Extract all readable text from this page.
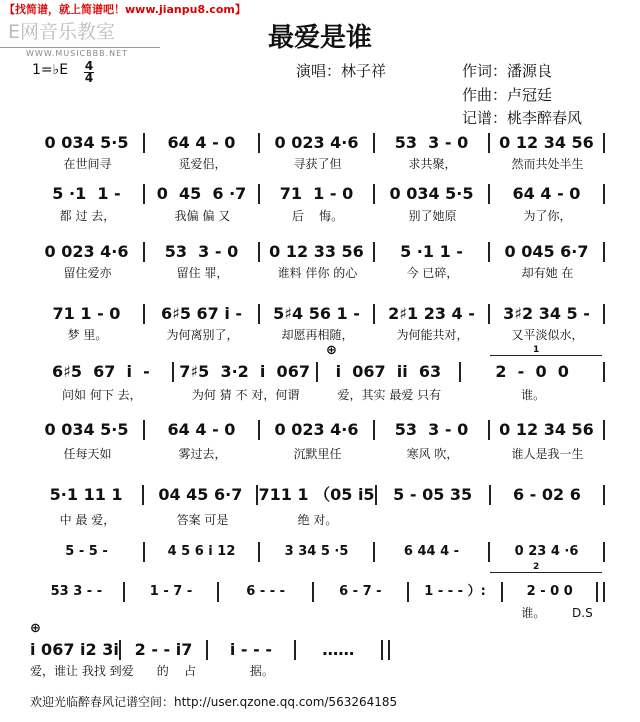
【找简谱，就上简谱吧！www.jianpu8.com】
E网音乐教室
WWW.MUSICBBB.NET
最爱是谁
1=♭E 4
4	演唱：林子祥	作词：潘源良
作曲：卢冠廷
记谱：桃李醉春风
1
2
⊕
⊕
0 034 5·5	64 4 - 0	0 023 4·6	53  3 - 0	0 12 34 56
在世间寻	觅爱侣，	寻获了但	求共聚，	然而共处半生
5 ·1  1 -	0  45  6 ·7	71  1 - 0	0 034 5·5	64 4 - 0
都 过 去，	我偏 偏 又	后    悔。	别了她原	为了你，
0 023 4·6	53  3 - 0	0 12 33 56	5 ·1 1 -	0 045 6·7
留住爱亦	留住 罪，	谁料 伴你 的心	今 已碎，	却有她 在
71 1 - 0	6♯5 67 i -	5♯4 56 1 -	2♯1 23 4 -	3♯2 34 5 -
梦 里。	为何离别了，	却愿再相随，	为何能共对，	又平淡似水，
6♯5  67  i  -	7♯5  3·2  i  067	i  067  ii  63	2  -  0  0
问如 何下 去，	为何 猜 不 对，何谓	爱，其实 最爱 只有	谁。
0 034 5·5	64 4 - 0	0 023 4·6	53  3 - 0	0 12 34 56
任每天如	雾过去，	沉默里任	寒风 吹，	谁人是我一生
5·1 11 1	04 45 6·7	711 1 （05 i5	5 - 05 35	6 - 02 6
中 最 爱，	答案 可是	绝 对。
5 - 5 -	4 5 6 i 12	3 34 5 ·5	6 44 4 -	0 23 4 ·6
53 3 - -	1 - 7 -	6 - - -	6 - 7 -	1 - - - ）:	2 - 0 0
谁。       D.S
i 067 i2 3i 2 - - i7	i - - -	……
爱，谁让 我找 到爱	的    占	据。
欢迎光临醉春风记谱空间：http://user.qzone.qq.com/563264185
